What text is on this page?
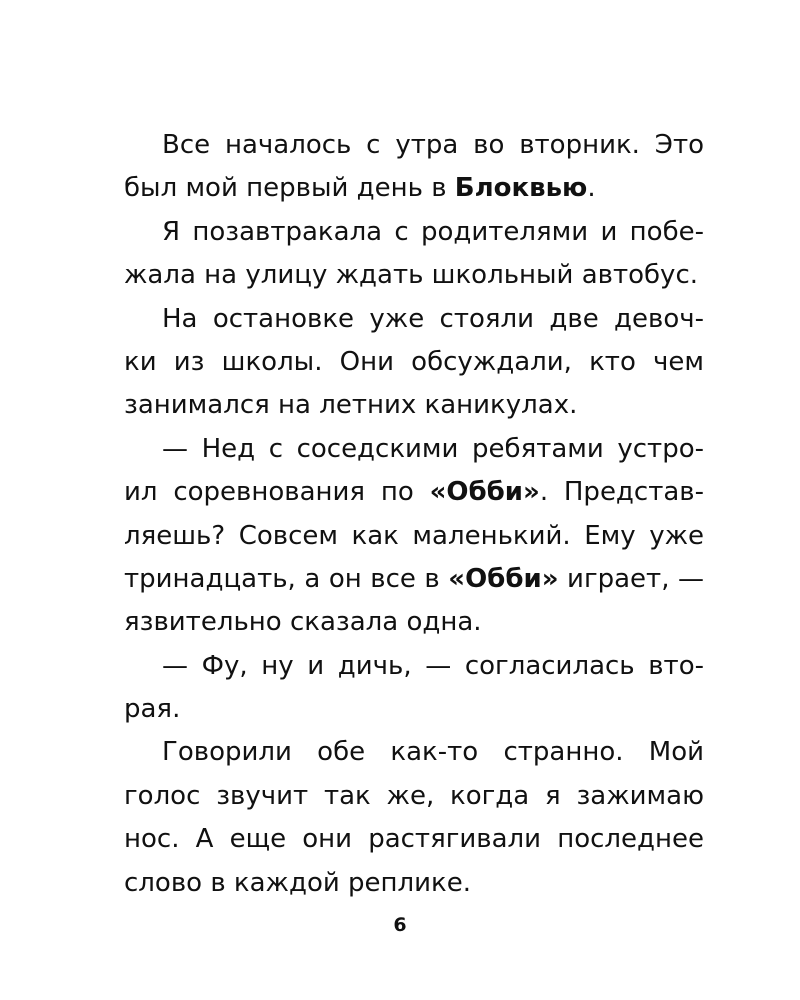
Все началось с утра во вторник. Это
был мой первый день в Блоквью.
Я позавтракала с родителями и побе-
жала на улицу ждать школьный автобус.
На остановке уже стояли две девоч-
ки из школы. Они обсуждали, кто чем
занимался на летних каникулах.
— Нед с соседскими ребятами устро-
ил соревнования по «Обби». Представ-
ляешь? Совсем как маленький. Ему уже
тринадцать, а он все в «Обби» играет, —
язвительно сказала одна.
— Фу, ну и дичь, — согласилась вто-
рая.
Говорили обе как-то странно. Мой
голос звучит так же, когда я зажимаю
нос. А еще они растягивали последнее
слово в каждой реплике.
6
